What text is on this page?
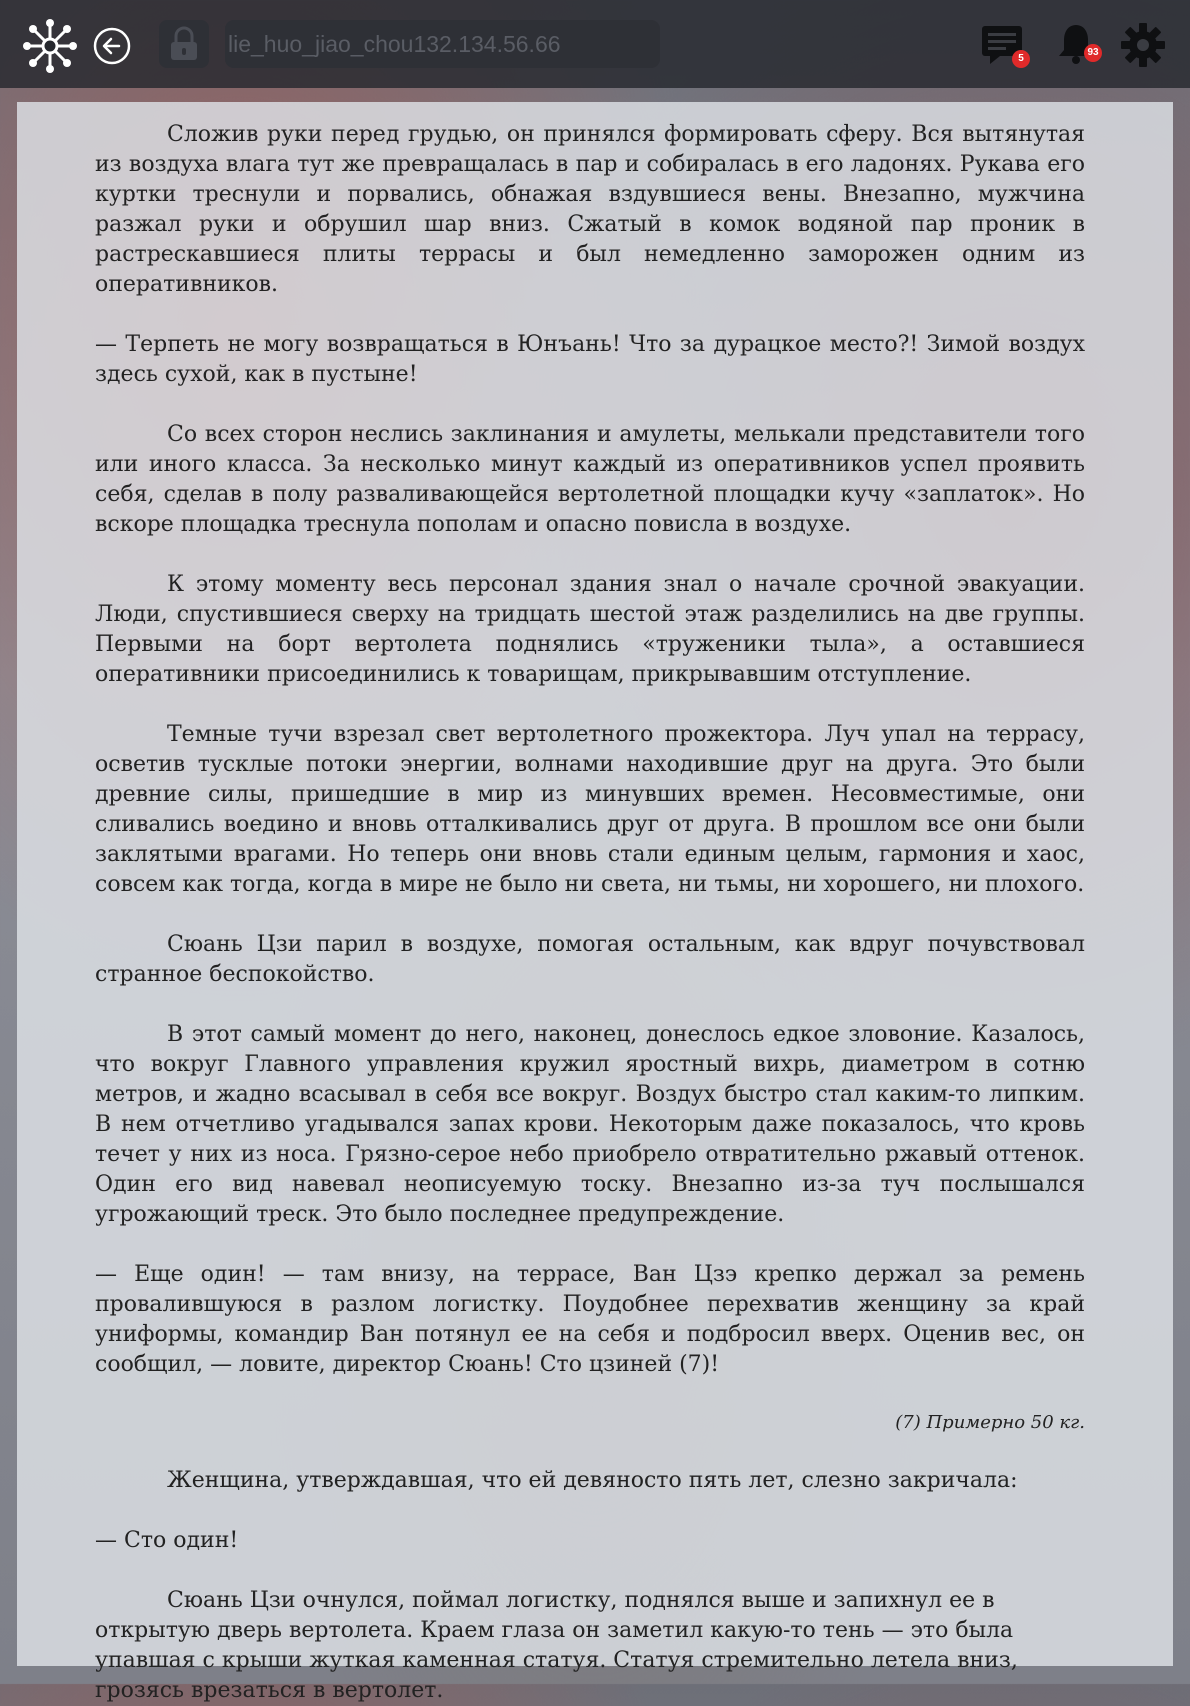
lie_huo_jiao_chou132.134.56.66
5
93

Сложив руки перед грудью, он принялся формировать сферу. Вся вытянутая из воздуха влага тут же превращалась в пар и собиралась в его ладонях. Рукава его куртки треснули и порвались, обнажая вздувшиеся вены. Внезапно, мужчина разжал руки и обрушил шар вниз. Сжатый в комок водяной пар проник в растрескавшиеся плиты террасы и был немедленно заморожен одним из оперативников.

— Терпеть не могу возвращаться в Юнъань! Что за дурацкое место?! Зимой воздух здесь сухой, как в пустыне!

Со всех сторон неслись заклинания и амулеты, мелькали представители того или иного класса. За несколько минут каждый из оперативников успел проявить себя, сделав в полу разваливающейся вертолетной площадки кучу «заплаток». Но вскоре площадка треснула пополам и опасно повисла в воздухе.

К этому моменту весь персонал здания знал о начале срочной эвакуации. Люди, спустившиеся сверху на тридцать шестой этаж разделились на две группы. Первыми на борт вертолета поднялись «труженики тыла», а оставшиеся оперативники присоединились к товарищам, прикрывавшим отступление.

Темные тучи взрезал свет вертолетного прожектора. Луч упал на террасу, осветив тусклые потоки энергии, волнами находившие друг на друга. Это были древние силы, пришедшие в мир из минувших времен. Несовместимые, они сливались воедино и вновь отталкивались друг от друга. В прошлом все они были заклятыми врагами. Но теперь они вновь стали единым целым, гармония и хаос, совсем как тогда, когда в мире не было ни света, ни тьмы, ни хорошего, ни плохого.

Сюань Цзи парил в воздухе, помогая остальным, как вдруг почувствовал странное беспокойство.

В этот самый момент до него, наконец, донеслось едкое зловоние. Казалось, что вокруг Главного управления кружил яростный вихрь, диаметром в сотню метров, и жадно всасывал в себя все вокруг. Воздух быстро стал каким-то липким. В нем отчетливо угадывался запах крови. Некоторым даже показалось, что кровь течет у них из носа. Грязно-серое небо приобрело отвратительно ржавый оттенок. Один его вид навевал неописуемую тоску. Внезапно из-за туч послышался угрожающий треск. Это было последнее предупреждение.

— Еще один! — там внизу, на террасе, Ван Цзэ крепко держал за ремень провалившуюся в разлом логистку. Поудобнее перехватив женщину за край униформы, командир Ван потянул ее на себя и подбросил вверх. Оценив вес, он сообщил, — ловите, директор Сюань! Сто цзиней (7)!

(7) Примерно 50 кг.

Женщина, утверждавшая, что ей девяносто пять лет, слезно закричала:

— Сто один!

Сюань Цзи очнулся, поймал логистку, поднялся выше и запихнул ее в открытую дверь вертолета. Краем глаза он заметил какую-то тень — это была упавшая с крыши жуткая каменная статуя. Статуя стремительно летела вниз, грозясь врезаться в вертолет.
